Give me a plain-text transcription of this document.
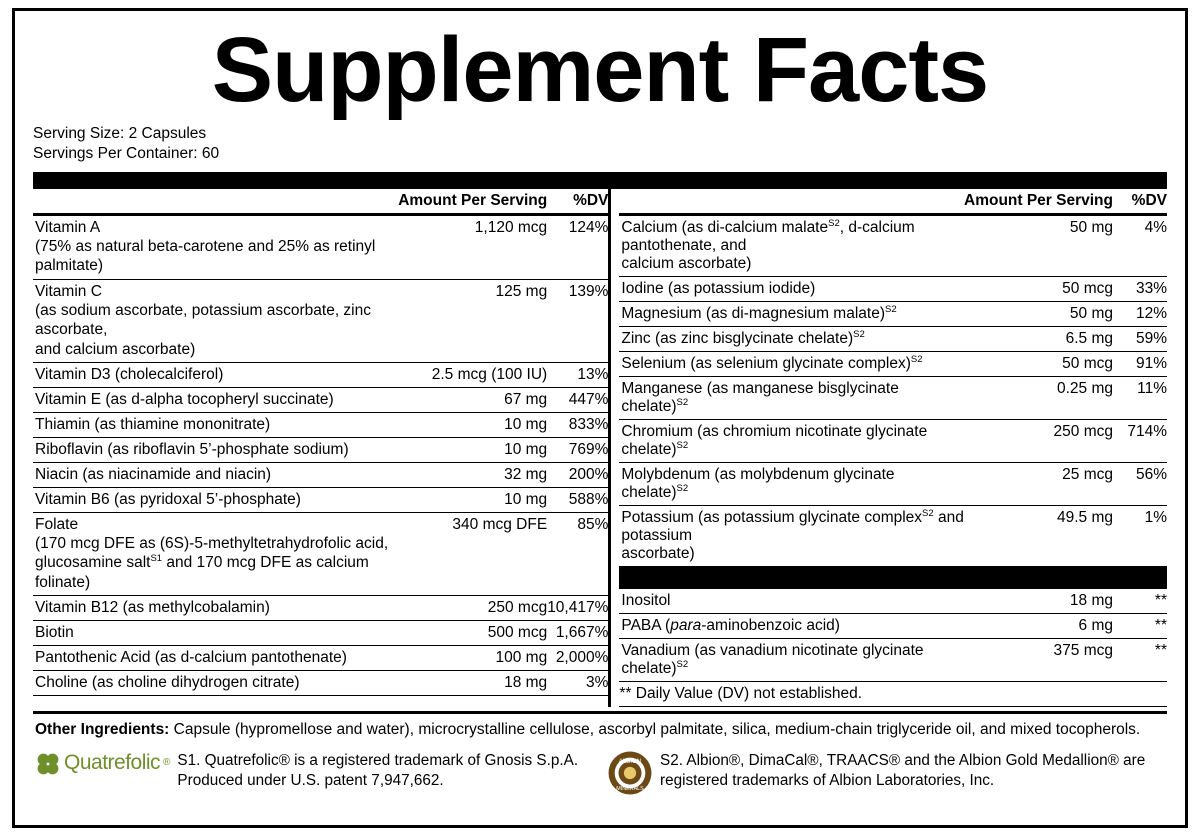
Supplement Facts
Serving Size: 2 Capsules
Servings Per Container: 60
	Amount Per Serving	%DV
Vitamin A
(75% as natural beta-carotene and 25% as retinyl palmitate)	1,120 mcg	124%
Vitamin C
(as sodium ascorbate, potassium ascorbate, zinc ascorbate,
and calcium ascorbate)	125 mg	139%
Vitamin D3 (cholecalciferol)	2.5 mcg (100 IU)	13%
Vitamin E (as d-alpha tocopheryl succinate)	67 mg	447%
Thiamin (as thiamine mononitrate)	10 mg	833%
Riboflavin (as riboflavin 5’-phosphate sodium)	10 mg	769%
Niacin (as niacinamide and niacin)	32 mg	200%
Vitamin B6 (as pyridoxal 5’-phosphate)	10 mg	588%
Folate
(170 mcg DFE as (6S)-5-methyltetrahydrofolic acid,
glucosamine salt$^{S1}$ and 170 mcg DFE as calcium folinate)	340 mcg DFE	85%
Vitamin B12 (as methylcobalamin)	250 mcg	10,417%
Biotin	500 mcg	1,667%
Pantothenic Acid (as d-calcium pantothenate)	100 mg	2,000%
Choline (as choline dihydrogen citrate)	18 mg	3%
	Amount Per Serving	%DV
Calcium (as di-calcium malate$^{S2}$, d-calcium pantothenate, and
calcium ascorbate)	50 mg	4%
Iodine (as potassium iodide)	50 mcg	33%
Magnesium (as di-magnesium malate)$^{S2}$	50 mg	12%
Zinc (as zinc bisglycinate chelate)$^{S2}$	6.5 mg	59%
Selenium (as selenium glycinate complex)$^{S2}$	50 mcg	91%
Manganese (as manganese bisglycinate chelate)$^{S2}$	0.25 mg	11%
Chromium (as chromium nicotinate glycinate chelate)$^{S2}$	250 mcg	714%
Molybdenum (as molybdenum glycinate chelate)$^{S2}$	25 mcg	56%
Potassium (as potassium glycinate complex$^{S2}$ and potassium
ascorbate)	49.5 mg	1%

Inositol	18 mg	**
PABA (para-aminobenzoic acid)	6 mg	**
Vanadium (as vanadium nicotinate glycinate chelate)$^{S2}$	375 mcg	**
** Daily Value (DV) not established.		
Other Ingredients: Capsule (hypromellose and water), microcrystalline cellulose, ascorbyl palmitate, silica, medium-chain triglyceride oil, and mixed tocopherols.
Quatrefolic ® S1. Quatrefolic® is a registered trademark of Gnosis S.p.A. Produced under U.S. patent 7,947,662.
ALBION
MINERALS
S2. Albion®, DimaCal®, TRAACS® and the Albion Gold Medallion® are registered trademarks of Albion Laboratories, Inc.
